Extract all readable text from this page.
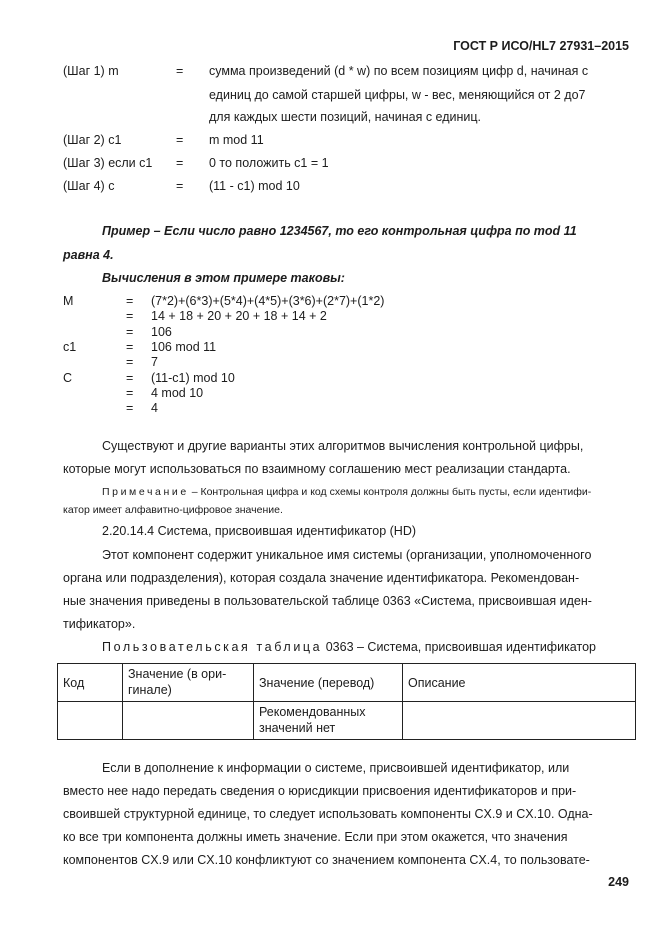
ГОСТ Р ИСО/HL7 27931–2015
(Шаг 1) m	= сумма произведений (d * w) по всем позициям цифр d, начиная с
единиц до самой старшей цифры, w - вес, меняющийся от 2 до7
для каждых шести позиций, начиная с единиц.
(Шаг 2) c1	= m mod 11
(Шаг 3) если c1 = 0 то положить c1 = 1
(Шаг 4) c	= (11 - c1) mod 10
Пример – Если число равно 1234567, то его контрольная цифра по mod 11
равна 4.
Вычисления в этом примере таковы:
M	= (7*2)+(6*3)+(5*4)+(4*5)+(3*6)+(2*7)+(1*2)
= 14 + 18 + 20 + 20 + 18 + 14 + 2
= 106
c1	= 106 mod 11
= 7
C	= (11-c1) mod 10
= 4 mod 10
= 4
Существуют и другие варианты этих алгоритмов вычисления контрольной цифры,
которые могут использоваться по взаимному соглашению мест реализации стандарта.
Примечание – Контрольная цифра и код схемы контроля должны быть пусты, если идентифи-
катор имеет алфавитно-цифровое значение.
2.20.14.4 Система, присвоившая идентификатор (HD)
Этот компонент содержит уникальное имя системы (организации, уполномоченного
органа или подразделения), которая создала значение идентификатора. Рекомендован-
ные значения приведены в пользовательской таблице 0363 «Система, присвоившая иден-
тификатор».
Пользовательская таблица 0363 – Система, присвоившая идентификатор
Код	Значение (в ори-
гинале)	Значение (перевод)	Описание

		Рекомендованных
значений нет	

Если в дополнение к информации о системе, присвоившей идентификатор, или
вместо нее надо передать сведения о юрисдикции присвоения идентификаторов и при-
своившей структурной единице, то следует использовать компоненты CX.9 и CX.10. Одна-
ко все три компонента должны иметь значение. Если при этом окажется, что значения
компонентов CX.9 или CX.10 конфликтуют со значением компонента CX.4, то пользовате-
249
